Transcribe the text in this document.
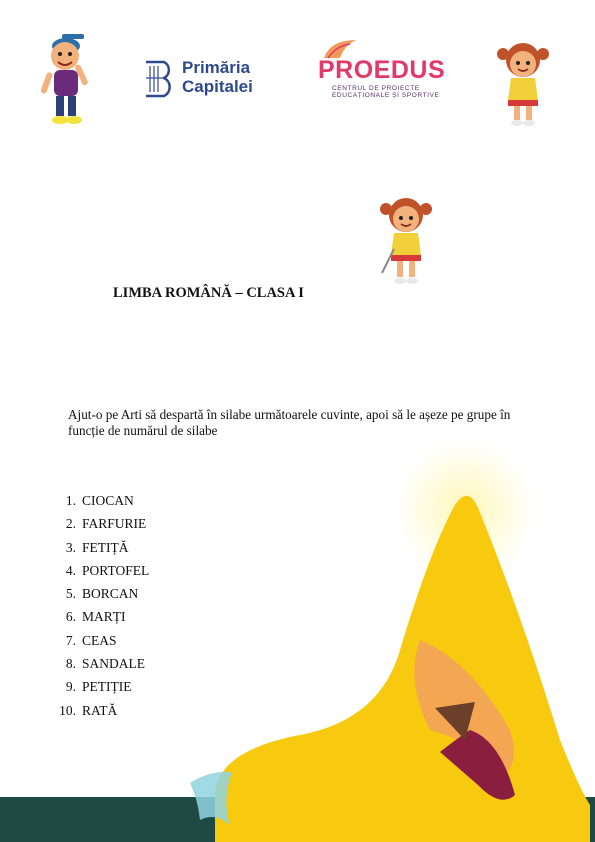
Primăria
Capitalei
PROEDUS
CENTRUL DE PROIECTE
EDUCAȚIONALE ȘI SPORTIVE
LIMBA ROMÂNĂ – CLASA I
Ajut-o pe Arti să despartă în silabe următoarele cuvinte, apoi să le așeze pe grupe în funcție de numărul de silabe
1. CIOCAN
2. FARFURIE
3. FETIȚĂ
4. PORTOFEL
5. BORCAN
6. MARȚI
7. CEAS
8. SANDALE
9. PETIȚIE
10. RATĂ
